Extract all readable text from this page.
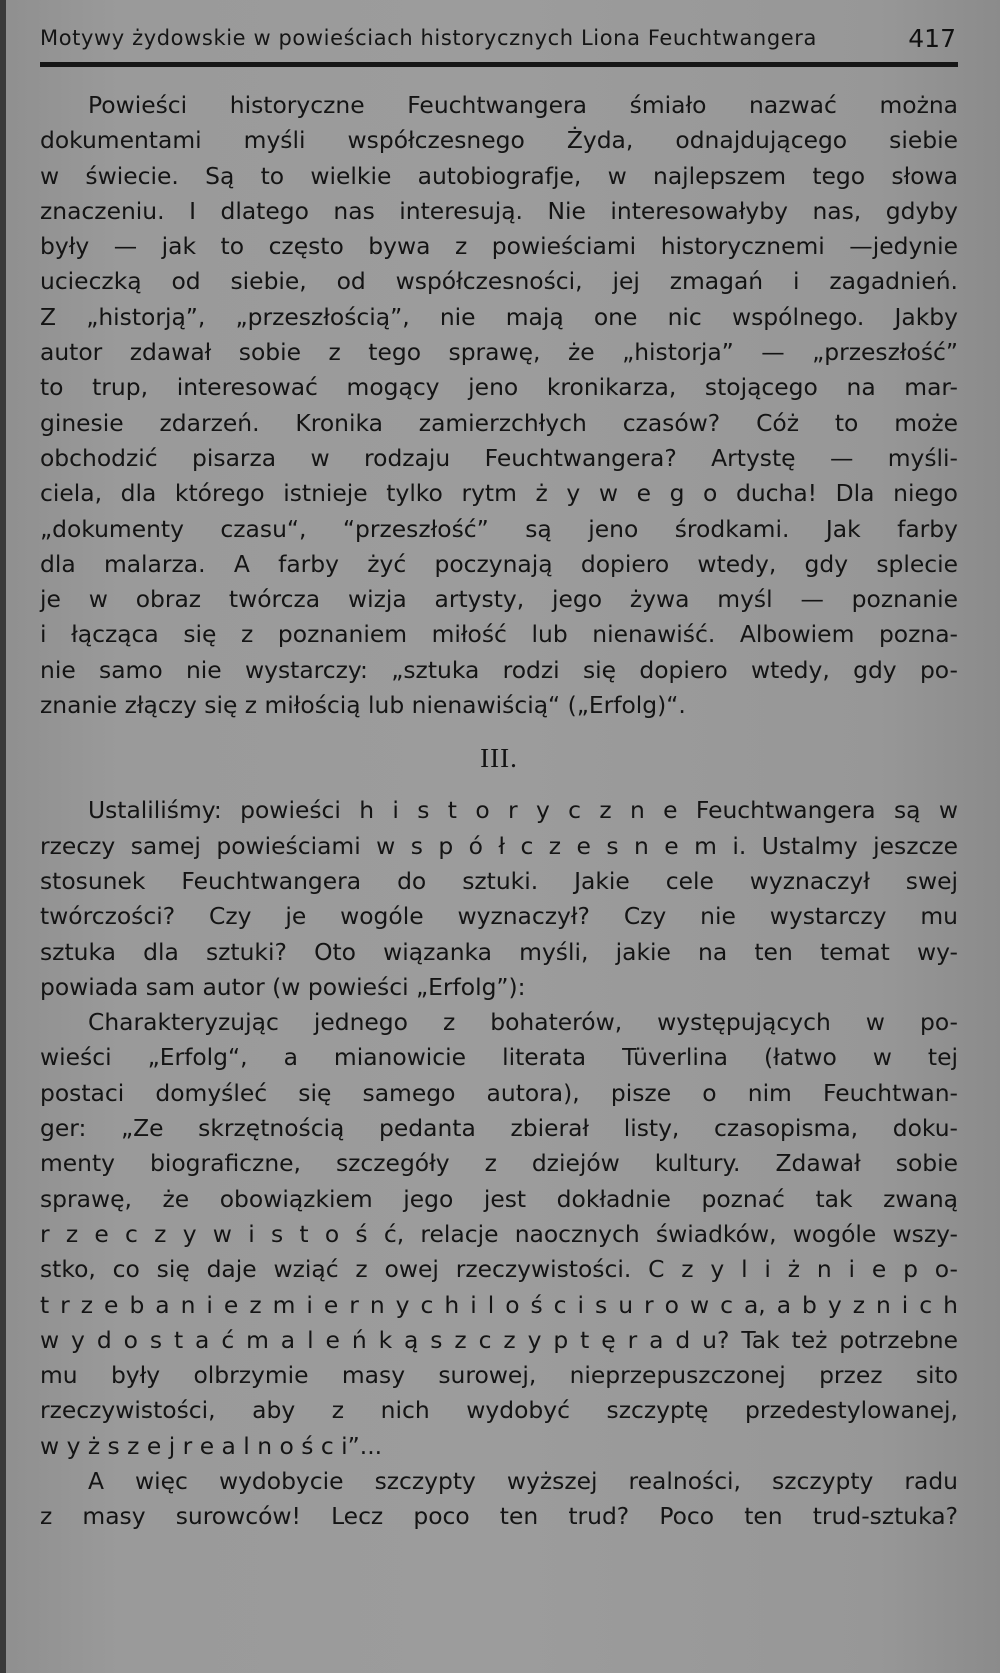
Motywy żydowskie w powieściach historycznych Liona Feuchtwangera	417
Powieści historyczne Feuchtwangera śmiało nazwać można
dokumentami myśli współczesnego Żyda, odnajdującego siebie
w świecie. Są to wielkie autobiografje, w najlepszem tego słowa
znaczeniu. I dlatego nas interesują. Nie interesowałyby nas, gdyby
były — jak to często bywa z powieściami historycznemi —jedynie
ucieczką od siebie, od współczesności, jej zmagań i zagadnień.
Z „historją”, „przeszłością”, nie mają one nic wspólnego. Jakby
autor zdawał sobie z tego sprawę, że „historja” — „przeszłość”
to trup, interesować mogący jeno kronikarza, stojącego na mar-
ginesie zdarzeń. Kronika zamierzchłych czasów? Cóż to może
obchodzić pisarza w rodzaju Feuchtwangera? Artystę — myśli-
ciela, dla którego istnieje tylko rytm ż y w e g o ducha! Dla niego
„dokumenty czasu“, “przeszłość” są jeno środkami. Jak farby
dla malarza. A farby żyć poczynają dopiero wtedy, gdy splecie
je w obraz twórcza wizja artysty, jego żywa myśl — poznanie
i łącząca się z poznaniem miłość lub nienawiść. Albowiem pozna-
nie samo nie wystarczy: „sztuka rodzi się dopiero wtedy, gdy po-
znanie złączy się z miłością lub nienawiścią“ („Erfolg)“.
III.
Ustaliliśmy: powieści h i s t o r y c z n e Feuchtwangera są w
rzeczy samej powieściami w s p ó ł c z e s n e m i. Ustalmy jeszcze
stosunek Feuchtwangera do sztuki. Jakie cele wyznaczył swej
twórczości? Czy je wogóle wyznaczył? Czy nie wystarczy mu
sztuka dla sztuki? Oto wiązanka myśli, jakie na ten temat wy-
powiada sam autor (w powieści „Erfolg”):
Charakteryzując jednego z bohaterów, występujących w po-
wieści „Erfolg“, a mianowicie literata Tüverlina (łatwo w tej
postaci domyśleć się samego autora), pisze o nim Feuchtwan-
ger: „Ze skrzętnością pedanta zbierał listy, czasopisma, doku-
menty biograficzne, szczegóły z dziejów kultury. Zdawał sobie
sprawę, że obowiązkiem jego jest dokładnie poznać tak zwaną
r z e c z y w i s t o ś ć, relacje naocznych świadków, wogóle wszy-
stko, co się daje wziąć z owej rzeczywistości. C z y l i ż n i e p o-
t r z e b a n i e z m i e r n y c h i l o ś c i s u r o w c a, a b y z n i c h
w y d o s t a ć m a l e ń k ą s z c z y p t ę r a d u? Tak też potrzebne
mu były olbrzymie masy surowej, nieprzepuszczonej przez sito
rzeczywistości, aby z nich wydobyć szczyptę przedestylowanej,
w y ż s z e j r e a l n o ś c i”...
A więc wydobycie szczypty wyższej realności, szczypty radu
z masy surowców! Lecz poco ten trud? Poco ten trud-sztuka?
